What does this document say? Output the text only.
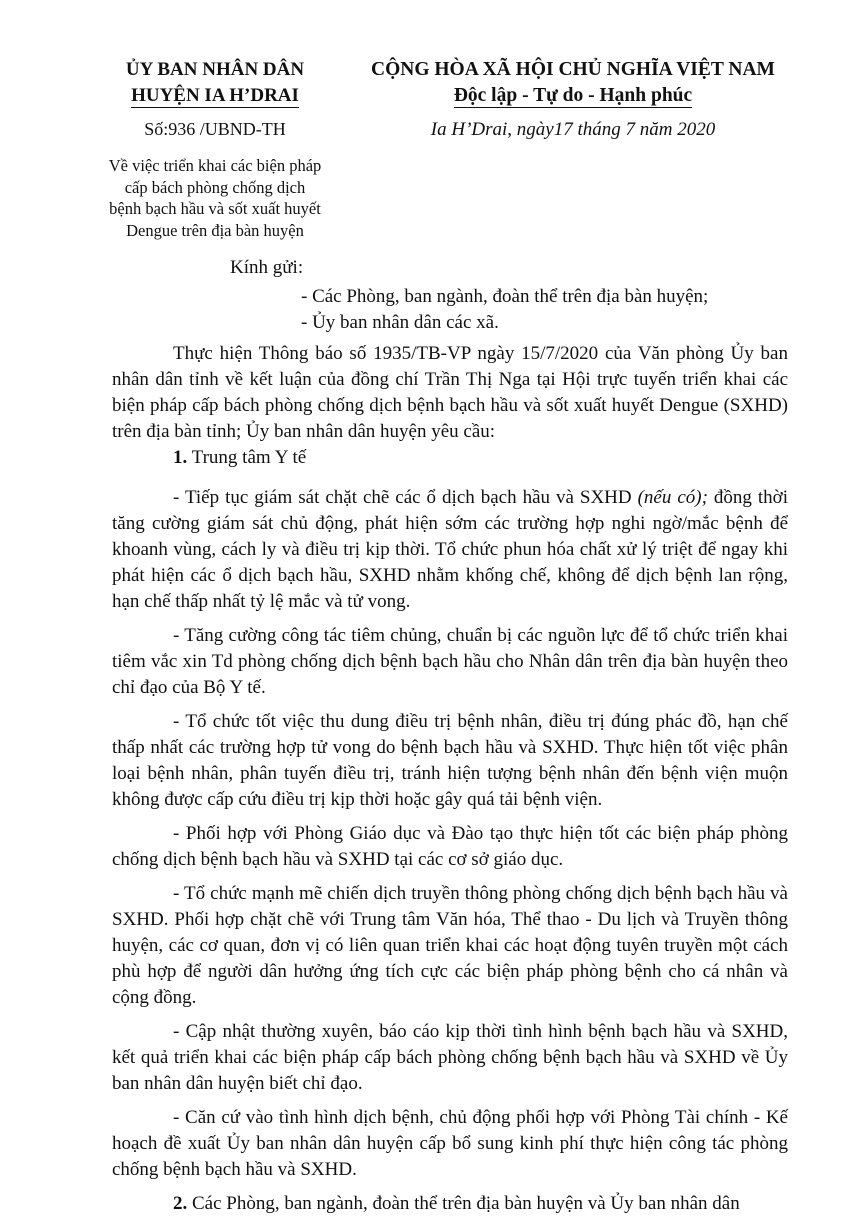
ỦY BAN NHÂN DÂN
HUYỆN IA H’DRAI
CỘNG HÒA XÃ HỘI CHỦ NGHĨA VIỆT NAM
Độc lập - Tự do - Hạnh phúc
Số:936 /UBND-TH	Ia H’Drai, ngày17 tháng 7 năm 2020
Về việc triển khai các biện pháp
cấp bách phòng chống dịch
bệnh bạch hầu và sốt xuất huyết
Dengue trên địa bàn huyện
Kính gửi:
- Các Phòng, ban ngành, đoàn thể trên địa bàn huyện;
- Ủy ban nhân dân các xã.

Thực hiện Thông báo số 1935/TB-VP ngày 15/7/2020 của Văn phòng Ủy ban nhân dân tỉnh về kết luận của đồng chí Trần Thị Nga tại Hội trực tuyến triển khai các biện pháp cấp bách phòng chống dịch bệnh bạch hầu và sốt xuất huyết Dengue (SXHD) trên địa bàn tỉnh; Ủy ban nhân dân huyện yêu cầu:

1. Trung tâm Y tế

- Tiếp tục giám sát chặt chẽ các ổ dịch bạch hầu và SXHD (nếu có); đồng thời tăng cường giám sát chủ động, phát hiện sớm các trường hợp nghi ngờ/mắc bệnh để khoanh vùng, cách ly và điều trị kịp thời. Tổ chức phun hóa chất xử lý triệt để ngay khi phát hiện các ổ dịch bạch hầu, SXHD nhằm khống chế, không để dịch bệnh lan rộng, hạn chế thấp nhất tỷ lệ mắc và tử vong.

- Tăng cường công tác tiêm chủng, chuẩn bị các nguồn lực để tổ chức triển khai tiêm vắc xin Td phòng chống dịch bệnh bạch hầu cho Nhân dân trên địa bàn huyện theo chỉ đạo của Bộ Y tế.

- Tổ chức tốt việc thu dung điều trị bệnh nhân, điều trị đúng phác đồ, hạn chế thấp nhất các trường hợp tử vong do bệnh bạch hầu và SXHD. Thực hiện tốt việc phân loại bệnh nhân, phân tuyến điều trị, tránh hiện tượng bệnh nhân đến bệnh viện muộn không được cấp cứu điều trị kịp thời hoặc gây quá tải bệnh viện.

- Phối hợp với Phòng Giáo dục và Đào tạo thực hiện tốt các biện pháp phòng chống dịch bệnh bạch hầu và SXHD tại các cơ sở giáo dục.

- Tổ chức mạnh mẽ chiến dịch truyền thông phòng chống dịch bệnh bạch hầu và SXHD. Phối hợp chặt chẽ với Trung tâm Văn hóa, Thể thao - Du lịch và Truyền thông huyện, các cơ quan, đơn vị có liên quan triển khai các hoạt động tuyên truyền một cách phù hợp để người dân hưởng ứng tích cực các biện pháp phòng bệnh cho cá nhân và cộng đồng.

- Cập nhật thường xuyên, báo cáo kịp thời tình hình bệnh bạch hầu và SXHD, kết quả triển khai các biện pháp cấp bách phòng chống bệnh bạch hầu và SXHD về Ủy ban nhân dân huyện biết chỉ đạo.

- Căn cứ vào tình hình dịch bệnh, chủ động phối hợp với Phòng Tài chính - Kế hoạch đề xuất Ủy ban nhân dân huyện cấp bổ sung kinh phí thực hiện công tác phòng chống bệnh bạch hầu và SXHD.

2. Các Phòng, ban ngành, đoàn thể trên địa bàn huyện và Ủy ban nhân dân
